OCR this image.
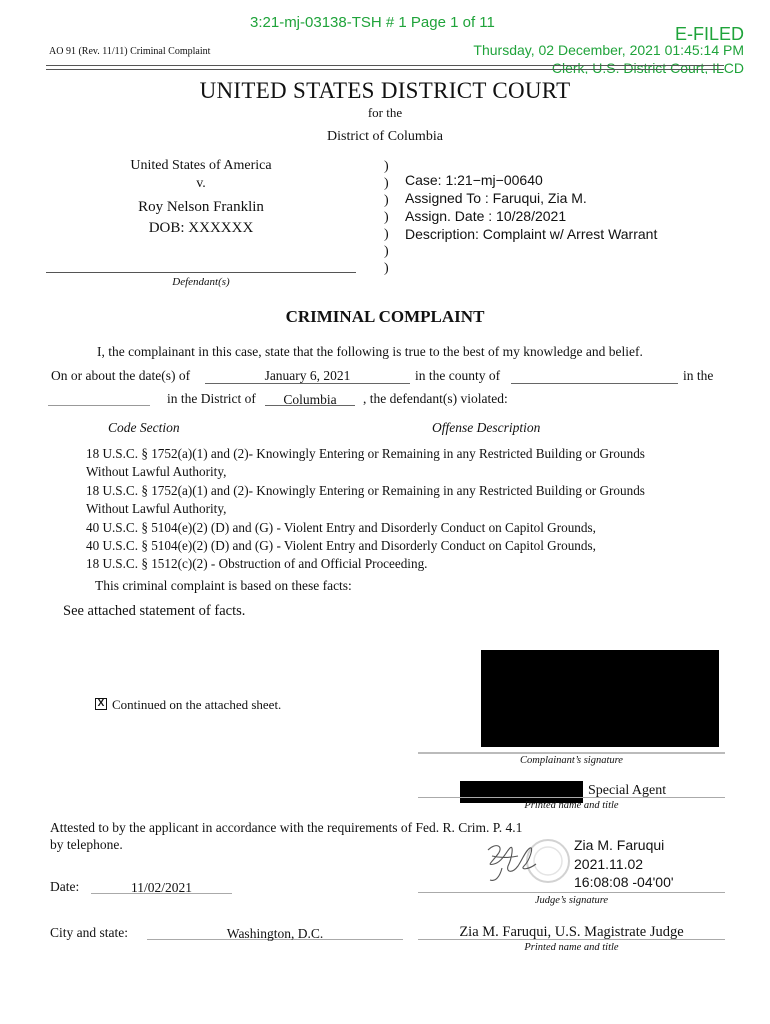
3:21-mj-03138-TSH # 1 Page 1 of 11
E-FILED
Thursday, 02 December, 2021 01:45:14 PM
Clerk, U.S. District Court, ILCD
AO 91 (Rev. 11/11) Criminal Complaint
UNITED STATES DISTRICT COURT
for the
District of Columbia
United States of America
v.
Roy Nelson Franklin
DOB: XXXXXX
Defendant(s)
)
)
)
)
)
)
)
Case: 1:21−mj−00640
Assigned To : Faruqui, Zia M.
Assign. Date : 10/28/2021
Description: Complaint w/ Arrest Warrant
CRIMINAL COMPLAINT
I, the complainant in this case, state that the following is true to the best of my knowledge and belief.
On or about the date(s) of	January 6, 2021	in the county of	in the
in the District of	Columbia	, the defendant(s) violated:
Code Section	Offense Description
18 U.S.C. § 1752(a)(1) and (2)- Knowingly Entering or Remaining in any Restricted Building or Grounds
Without Lawful Authority,
18 U.S.C. § 1752(a)(1) and (2)- Knowingly Entering or Remaining in any Restricted Building or Grounds
Without Lawful Authority,
40 U.S.C. § 5104(e)(2) (D) and (G) - Violent Entry and Disorderly Conduct on Capitol Grounds,
40 U.S.C. § 5104(e)(2) (D) and (G) - Violent Entry and Disorderly Conduct on Capitol Grounds,
18 U.S.C. § 1512(c)(2) - Obstruction of and Official Proceeding.
This criminal complaint is based on these facts:
See attached statement of facts.
X Continued on the attached sheet.
Complainant’s signature
Special Agent
Printed name and title
Attested to by the applicant in accordance with the requirements of Fed. R. Crim. P. 4.1
by telephone.
Date:	11/02/2021
Zia M. Faruqui
2021.11.02
16:08:08 -04'00'
Judge’s signature
City and state:	Washington, D.C.	Zia M. Faruqui, U.S. Magistrate Judge
Printed name and title
